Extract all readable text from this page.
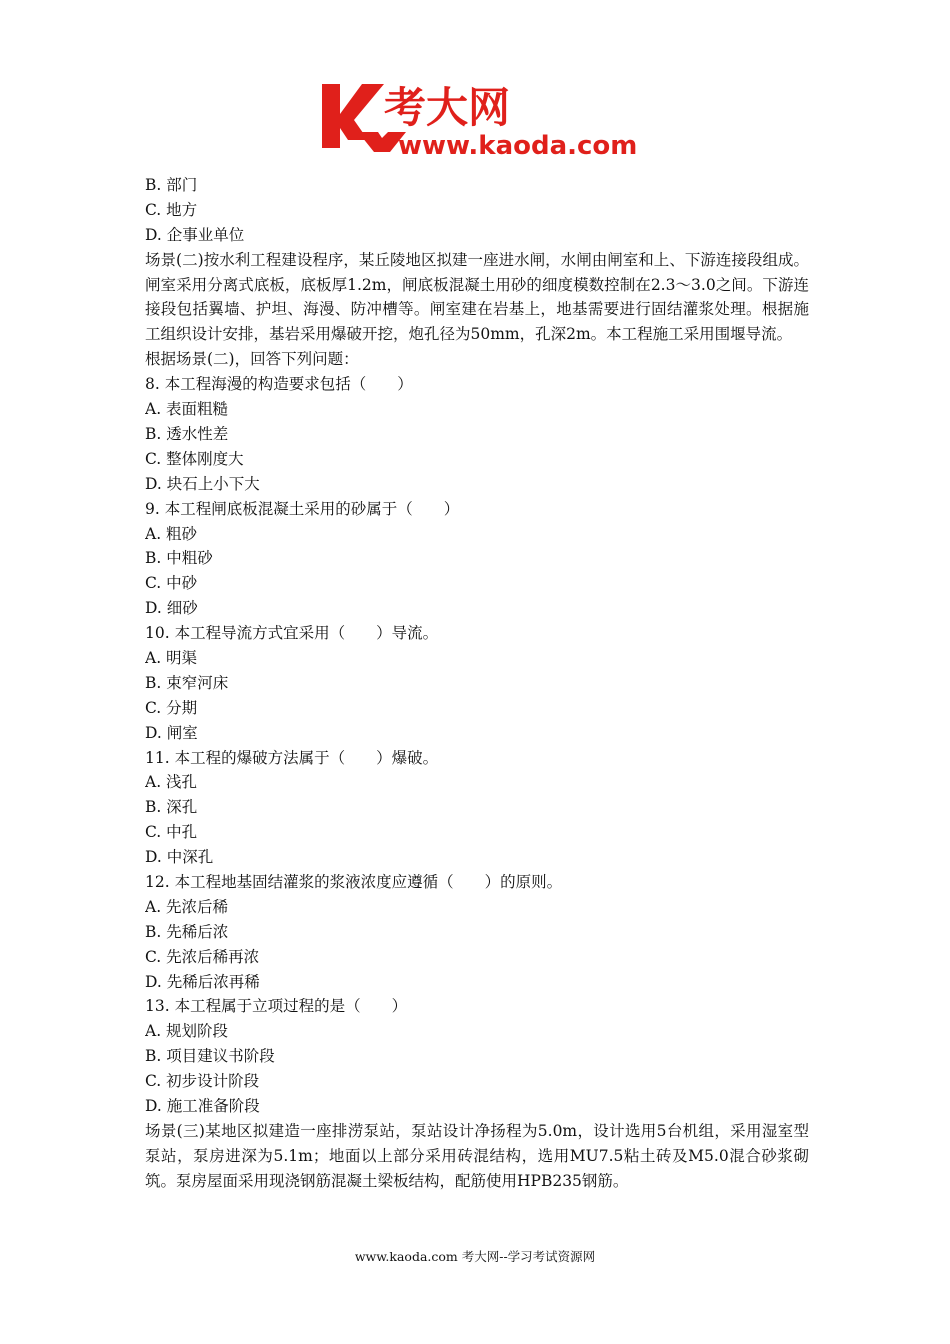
考大网
www.kaoda.com
B. 部门
C. 地方
D. 企事业单位

场景(二)按水利工程建设程序，某丘陵地区拟建一座进水闸，水闸由闸室和上、下游连接段组成。闸室采用分离式底板，底板厚1.2m，闸底板混凝土用砂的细度模数控制在2.3～3.0之间。下游连接段包括翼墙、护坦、海漫、防冲槽等。闸室建在岩基上，地基需要进行固结灌浆处理。根据施工组织设计安排，基岩采用爆破开挖，炮孔径为50mm，孔深2m。本工程施工采用围堰导流。

根据场景(二)，回答下列问题：
8. 本工程海漫的构造要求包括（　　）
A. 表面粗糙
B. 透水性差
C. 整体刚度大
D. 块石上小下大
9. 本工程闸底板混凝土采用的砂属于（　　）
A. 粗砂
B. 中粗砂
C. 中砂
D. 细砂
10. 本工程导流方式宜采用（　　）导流。
A. 明渠
B. 束窄河床
C. 分期
D. 闸室
11. 本工程的爆破方法属于（　　）爆破。
A. 浅孔
B. 深孔
C. 中孔
D. 中深孔
12. 本工程地基固结灌浆的浆液浓度应遵循（　　）的原则。
A. 先浓后稀
B. 先稀后浓
C. 先浓后稀再浓
D. 先稀后浓再稀
13. 本工程属于立项过程的是（　　）
A. 规划阶段
B. 项目建议书阶段
C. 初步设计阶段
D. 施工准备阶段

场景(三)某地区拟建造一座排涝泵站，泵站设计净扬程为5.0m，设计选用5台机组，采用湿室型泵站，泵房进深为5.1m；地面以上部分采用砖混结构，选用MU7.5粘土砖及M5.0混合砂浆砌筑。泵房屋面采用现浇钢筋混凝土梁板结构，配筋使用HPB235钢筋。

www.kaoda.com 考大网--学习考试资源网
